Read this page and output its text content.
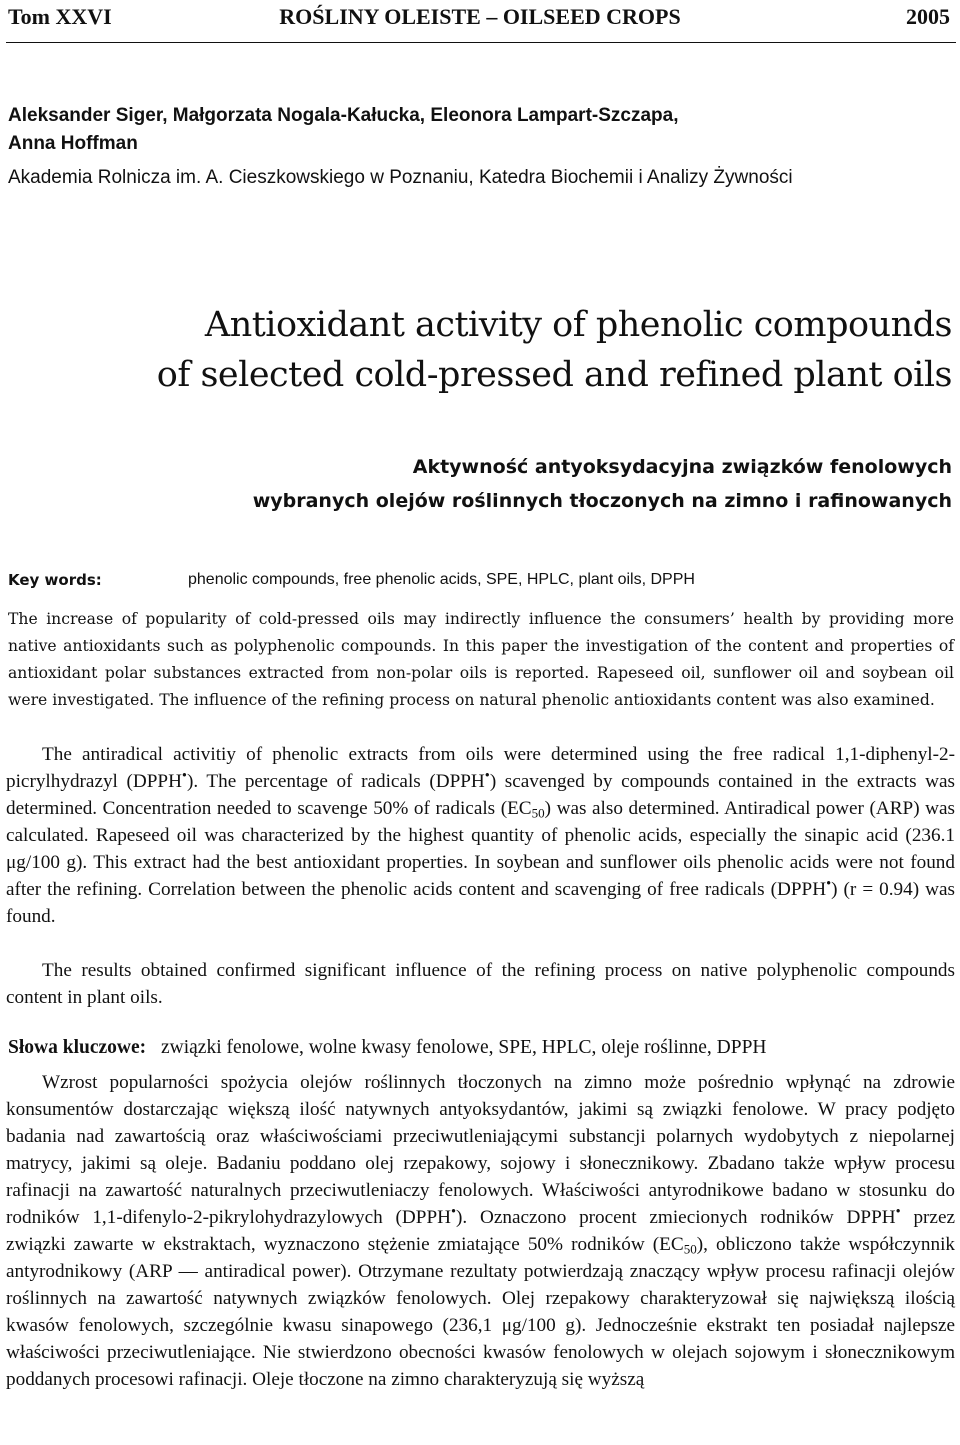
Tom XXVI	ROŚLINY OLEISTE – OILSEED CROPS	2005
Aleksander Siger, Małgorzata Nogala-Kałucka, Eleonora Lampart-Szczapa,
Anna Hoffman
Akademia Rolnicza im. A. Cieszkowskiego w Poznaniu, Katedra Biochemii i Analizy Żywności
Antioxidant activity of phenolic compounds
of selected cold-pressed and refined plant oils
Aktywność antyoksydacyjna związków fenolowych
wybranych olejów roślinnych tłoczonych na zimno i rafinowanych
Key words:	phenolic compounds, free phenolic acids, SPE, HPLC, plant oils, DPPH

The increase of popularity of cold-pressed oils may indirectly influence the consumers’ health by providing more native antioxidants such as polyphenolic compounds. In this paper the investigation of the content and properties of antioxidant polar substances extracted from non-polar oils is reported. Rapeseed oil, sunflower oil and soybean oil were investigated. The influence of the refining process on natural phenolic antioxidants content was also examined.

The antiradical activitiy of phenolic extracts from oils were determined using the free radical 1,1-diphenyl-2-picrylhydrazyl (DPPH•). The percentage of radicals (DPPH•) scavenged by compounds contained in the extracts was determined. Concentration needed to scavenge 50% of radicals $(EC_{50})$ was also determined. Antiradical power (ARP) was calculated. Rapeseed oil was characterized by the highest quantity of phenolic acids, especially the sinapic acid (236.1 μg/100 g). This extract had the best antioxidant properties. In soybean and sunflower oils phenolic acids were not found after the refining. Correlation between the phenolic acids content and scavenging of free radicals (DPPH•) (r = 0.94) was found.

The results obtained confirmed significant influence of the refining process on native polyphenolic compounds content in plant oils.

Słowa kluczowe: związki fenolowe, wolne kwasy fenolowe, SPE, HPLC, oleje roślinne, DPPH

Wzrost popularności spożycia olejów roślinnych tłoczonych na zimno może pośrednio wpłynąć na zdrowie konsumentów dostarczając większą ilość natywnych antyoksydantów, jakimi są związki fenolowe. W pracy podjęto badania nad zawartością oraz właściwościami przeciwutleniającymi substancji polarnych wydobytych z niepolarnej matrycy, jakimi są oleje. Badaniu poddano olej rzepakowy, sojowy i słonecznikowy. Zbadano także wpływ procesu rafinacji na zawartość naturalnych przeciwutleniaczy fenolowych. Właściwości antyrodnikowe badano w stosunku do rodników 1,1-difenylo-2-pikrylohydrazylowych (DPPH•). Oznaczono procent zmiecionych rodników DPPH• przez związki zawarte w ekstraktach, wyznaczono stężenie zmiatające 50% rodników $(EC_{50})$, obliczono także współczynnik antyrodnikowy (ARP — antiradical power). Otrzymane rezultaty potwierdzają znaczący wpływ procesu rafinacji olejów roślinnych na zawartość natywnych związków fenolowych. Olej rzepakowy charakteryzował się największą ilością kwasów fenolowych, szczególnie kwasu sinapowego (236,1 μg/100 g). Jednocześnie ekstrakt ten posiadał najlepsze właściwości przeciwutleniające. Nie stwierdzono obecności kwasów fenolowych w olejach sojowym i słonecznikowym poddanych procesowi rafinacji. Oleje tłoczone na zimno charakteryzują się wyższą
